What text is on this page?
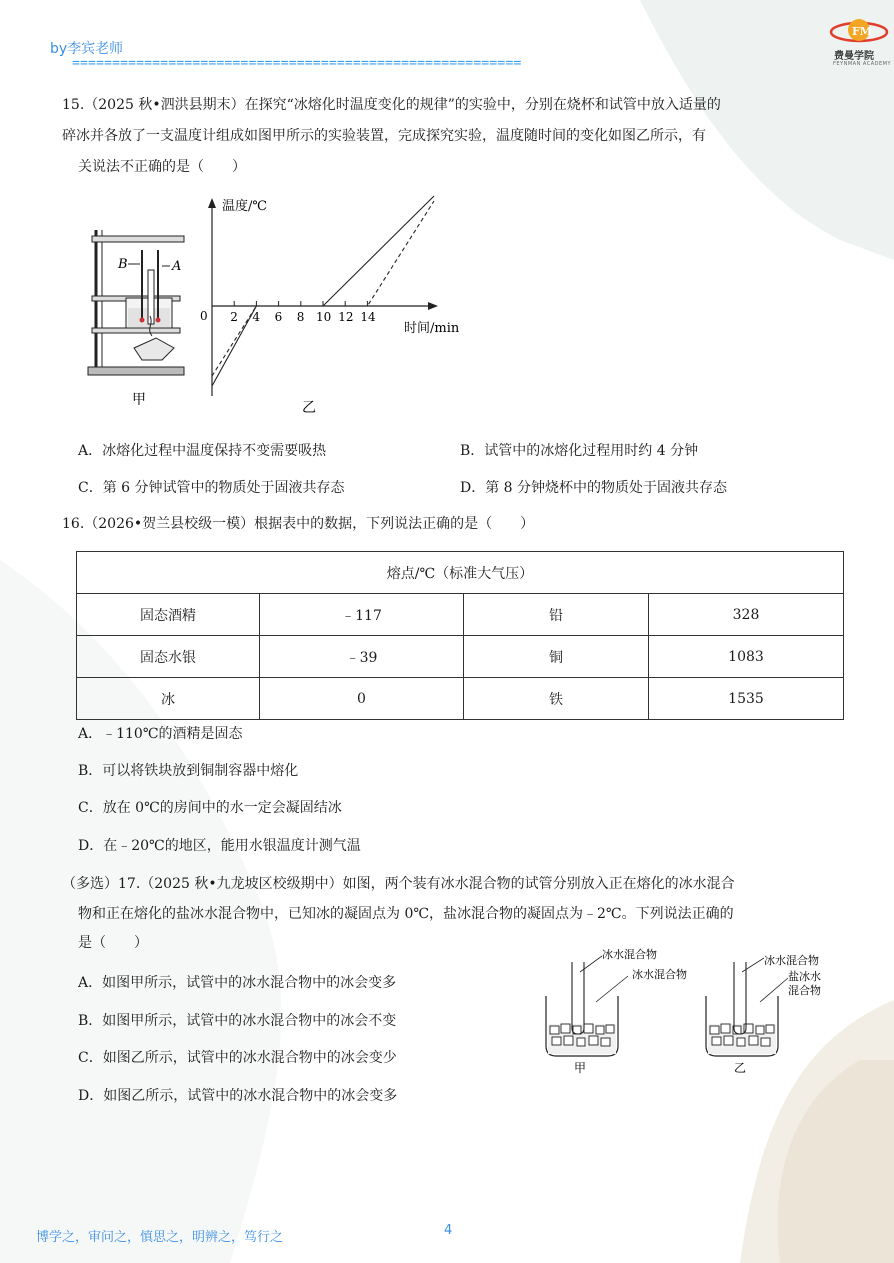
by李宾老师
========================================================
FM
费曼学院
FEYNMAN ACADEMY
15.（2025 秋•泗洪县期末）在探究“冰熔化时温度变化的规律”的实验中，分别在烧杯和试管中放入适量的
碎冰并各放了一支温度计组成如图甲所示的实验装置，完成探究实验，温度随时间的变化如图乙所示，有
关说法不正确的是（　　）
B	A
甲
温度/℃
时间/min
0 2 4 6 8 10 12 14
乙
A．冰熔化过程中温度保持不变需要吸热	B．试管中的冰熔化过程用时约 4 分钟
C．第 6 分钟试管中的物质处于固液共存态	D．第 8 分钟烧杯中的物质处于固液共存态
16.（2026•贺兰县校级一模）根据表中的数据，下列说法正确的是（　　）
熔点/℃（标准大气压）			
固态酒精	﹣117	铅	328
固态水银	﹣39	铜	1083
冰	0	铁	1535
A．﹣110℃的酒精是固态
B．可以将铁块放到铜制容器中熔化
C．放在 0℃的房间中的水一定会凝固结冰
D．在﹣20℃的地区，能用水银温度计测气温
（多选）17.（2025 秋•九龙坡区校级期中）如图，两个装有冰水混合物的试管分别放入正在熔化的冰水混合
物和正在熔化的盐冰水混合物中，已知冰的凝固点为 0℃，盐冰混合物的凝固点为﹣2℃。下列说法正确的
是（　　）
A．如图甲所示，试管中的冰水混合物中的冰会变多
B．如图甲所示，试管中的冰水混合物中的冰会不变
C．如图乙所示，试管中的冰水混合物中的冰会变少
D．如图乙所示，试管中的冰水混合物中的冰会变多
冰水混合物
冰水混合物
甲
冰水混合物
盐冰水
混合物
乙
博学之，审问之，慎思之，明辨之，笃行之	4
